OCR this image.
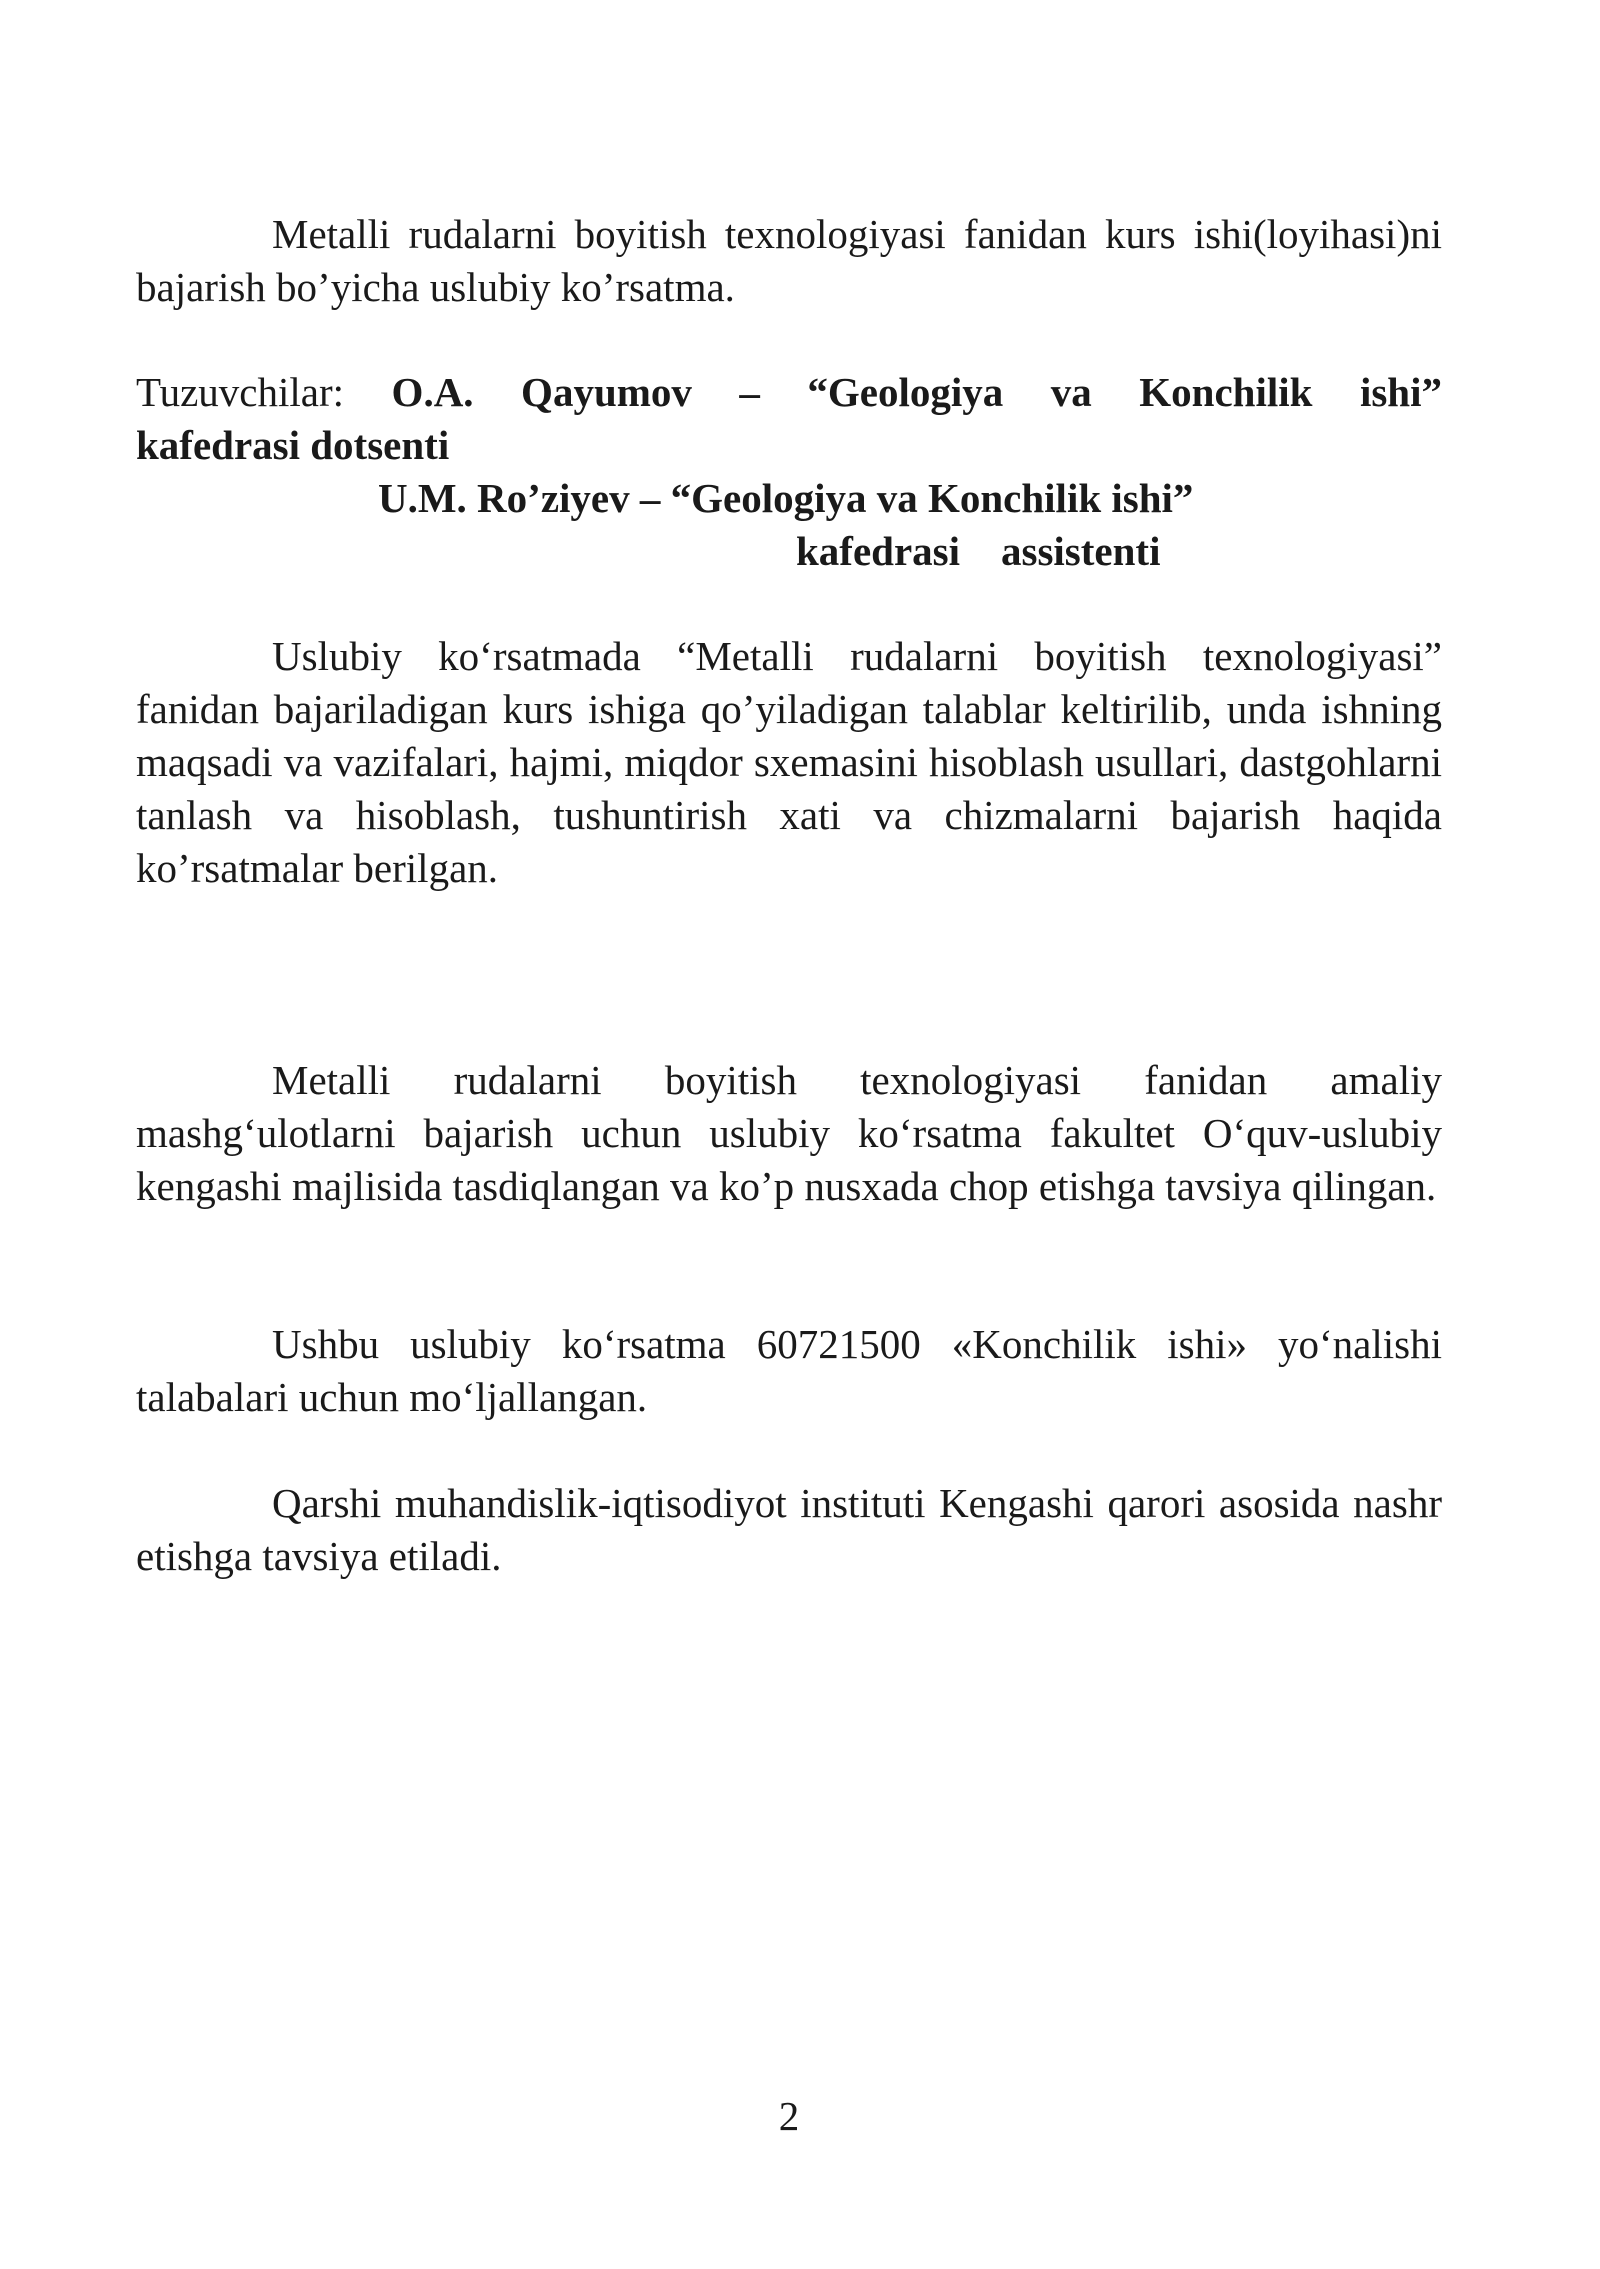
Metalli rudalarni boyitish texnologiyasi fanidan kurs ishi(loyihasi)ni bajarish bo’yicha uslubiy ko’rsatma.

Tuzuvchilar: O.A. Qayumov – “Geologiya va Konchilik ishi”
kafedrasi dotsenti
U.M. Ro’ziyev – “Geologiya va Konchilik ishi”
kafedrasi    assistenti

Uslubiy ko‘rsatmada “Metalli rudalarni boyitish texnologiyasi” fanidan bajariladigan kurs ishiga qo’yiladigan talablar keltirilib, unda ishning maqsadi va vazifalari, hajmi, miqdor sxemasini hisoblash usullari, dastgohlarni tanlash va hisoblash, tushuntirish xati va chizmalarni bajarish haqida ko’rsatmalar berilgan.

Metalli rudalarni boyitish texnologiyasi fanidan amaliy mashg‘ulotlarni bajarish uchun uslubiy ko‘rsatma fakultet O‘quv-uslubiy kengashi majlisida tasdiqlangan va ko’p nusxada chop etishga tavsiya qilingan.

Ushbu uslubiy ko‘rsatma 60721500 «Konchilik ishi» yo‘nalishi talabalari uchun mo‘ljallangan.

Qarshi muhandislik-iqtisodiyot instituti Kengashi qarori asosida nashr etishga tavsiya etiladi.

2
